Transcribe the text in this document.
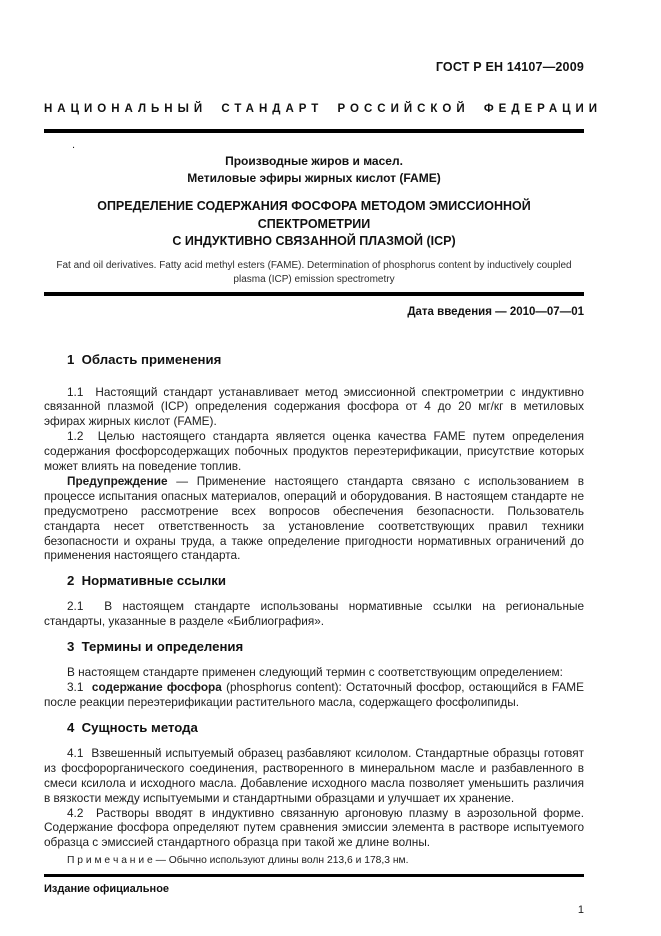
ГОСТ Р ЕН 14107—2009
НАЦИОНАЛЬНЫЙ СТАНДАРТ РОССИЙСКОЙ ФЕДЕРАЦИИ
.
Производные жиров и масел.
Метиловые эфиры жирных кислот (FAME)
ОПРЕДЕЛЕНИЕ СОДЕРЖАНИЯ ФОСФОРА МЕТОДОМ ЭМИССИОННОЙ СПЕКТРОМЕТРИИ
С ИНДУКТИВНО СВЯЗАННОЙ ПЛАЗМОЙ (ICP)
Fat and oil derivatives. Fatty acid methyl esters (FAME). Determination of phosphorus content by inductively coupled
plasma (ICP) emission spectrometry
Дата введения — 2010—07—01
1  Область применения

1.1  Настоящий стандарт устанавливает метод эмиссионной спектрометрии с индуктивно связанной плазмой (ICP) определения содержания фосфора от 4 до 20 мг/кг в метиловых эфирах жирных кислот (FAME).

1.2  Целью настоящего стандарта является оценка качества FAME путем определения содержания фосфорсодержащих побочных продуктов переэтерификации, присутствие которых может влиять на поведение топлив.

Предупреждение — Применение настоящего стандарта связано с использованием в процессе испытания опасных материалов, операций и оборудования. В настоящем стандарте не предусмотрено рассмотрение всех вопросов обеспечения безопасности. Пользователь стандарта несет ответственность за установление соответствующих правил техники безопасности и охраны труда, а также определение пригодности нормативных ограничений до применения настоящего стандарта.

2  Нормативные ссылки

2.1  В настоящем стандарте использованы нормативные ссылки на региональные стандарты, указанные в разделе «Библиография».

3  Термины и определения

В настоящем стандарте применен следующий термин с соответствующим определением:

3.1  содержание фосфора (phosphorus content): Остаточный фосфор, остающийся в FAME после реакции переэтерификации растительного масла, содержащего фосфолипиды.

4  Сущность метода

4.1  Взвешенный испытуемый образец разбавляют ксилолом. Стандартные образцы готовят из фосфорорганического соединения, растворенного в минеральном масле и разбавленного в смеси ксилола и исходного масла. Добавление исходного масла позволяет уменьшить различия в вязкости между испытуемыми и стандартными образцами и улучшает их хранение.

4.2  Растворы вводят в индуктивно связанную аргоновую плазму в аэрозольной форме. Содержание фосфора определяют путем сравнения эмиссии элемента в растворе испытуемого образца с эмиссией стандартного образца при такой же длине волны.

П р и м е ч а н и е — Обычно используют длины волн 213,6 и 178,3 нм.

Издание официальное
1
